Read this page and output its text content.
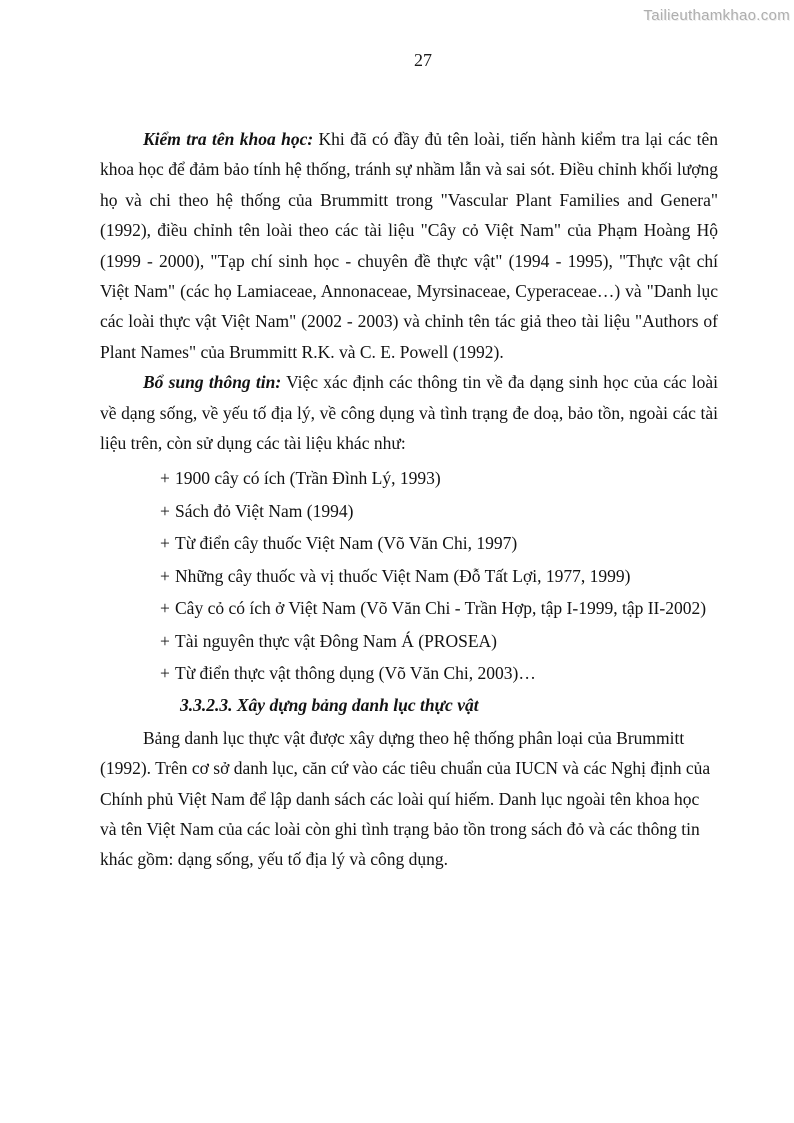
Tailieuthamkhao.com
27

Kiểm tra tên khoa học: Khi đã có đầy đủ tên loài, tiến hành kiểm tra lại các tên khoa học để đảm bảo tính hệ thống, tránh sự nhầm lẫn và sai sót. Điều chỉnh khối lượng họ và chi theo hệ thống của Brummitt trong "Vascular Plant Families and Genera" (1992), điều chỉnh tên loài theo các tài liệu "Cây cỏ Việt Nam" của Phạm Hoàng Hộ (1999 - 2000), "Tạp chí sinh học - chuyên đề thực vật" (1994 - 1995), "Thực vật chí Việt Nam" (các họ Lamiaceae, Annonaceae, Myrsinaceae, Cyperaceae…) và "Danh lục các loài thực vật Việt Nam" (2002 - 2003) và chỉnh tên tác giả theo tài liệu "Authors of Plant Names" của Brummitt R.K. và C. E. Powell (1992).

Bổ sung thông tin: Việc xác định các thông tin về đa dạng sinh học của các loài về dạng sống, về yếu tố địa lý, về công dụng và tình trạng đe doạ, bảo tồn, ngoài các tài liệu trên, còn sử dụng các tài liệu khác như:

+ 1900 cây có ích (Trần Đình Lý, 1993)
+ Sách đỏ Việt Nam (1994)
+ Từ điển cây thuốc Việt Nam (Võ Văn Chi, 1997)
+ Những cây thuốc và vị thuốc Việt Nam (Đỗ Tất Lợi, 1977, 1999)
+ Cây cỏ có ích ở Việt Nam (Võ Văn Chi - Trần Hợp, tập I-1999, tập II-2002)
+ Tài nguyên thực vật Đông Nam Á (PROSEA)
+ Từ điển thực vật thông dụng (Võ Văn Chi, 2003)…
3.3.2.3. Xây dựng bảng danh lục thực vật

Bảng danh lục thực vật được xây dựng theo hệ thống phân loại của Brummitt (1992). Trên cơ sở danh lục, căn cứ vào các tiêu chuẩn của IUCN và các Nghị định của Chính phủ Việt Nam để lập danh sách các loài quí hiếm. Danh lục ngoài tên khoa học và tên Việt Nam của các loài còn ghi tình trạng bảo tồn trong sách đỏ và các thông tin khác gồm: dạng sống, yếu tố địa lý và công dụng.
